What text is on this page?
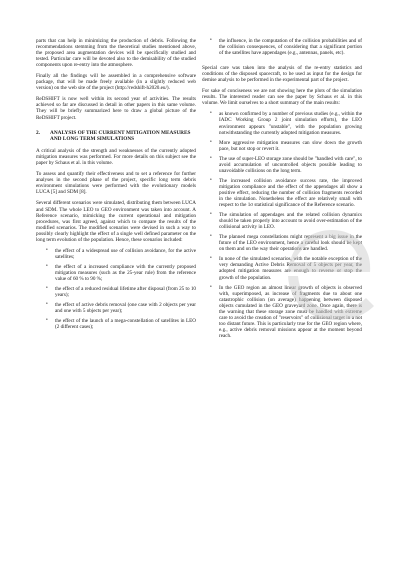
parts that can help in minimizing the production of debris. Following the recommendations stemming from the theoretical studies mentioned above, the proposed area augmentation devices will be specifically studied and tested. Particular care will be devoted also to the demisability of the studied components upon re-entry into the atmosphere.

Finally all the findings will be assembled in a comprehensive software package, that will be made freely available (in a slightly reduced web version) on the web site of the project (http://redshift-h2020.eu/).

ReDSHIFT is now well within its second year of activities. The results achieved so far are discussed in detail in other papers in this same volume. They will be briefly summarized here to draw a global picture of the ReDSHIFT project.

2.	ANALYSIS OF THE CURRENT MITIGATION MEASURES AND LONG TERM SIMULATIONS

A critical analysis of the strength and weaknesses of the currently adopted mitigation measures was performed. For more details on this subject see the paper by Schaus et al. in this volume.

To assess and quantify their effectiveness and to set a reference for further analyses in the second phase of the project, specific long term debris environment simulations were performed with the evolutionary models LUCA [5] and SDM [8].

Several different scenarios were simulated, distributing them between LUCA and SDM. The whole LEO to GEO environment was taken into account. A Reference scenario, mimicking the current operational and mitigation procedures, was first agreed, against which to compare the results of the modified scenarios. The modified scenarios were devised in such a way to possibly clearly highlight the effect of a single well defined parameter on the long term evolution of the population. Hence, these scenarios included:

• the effect of a widespread use of collision avoidance, for the active satellites;
• the effect of a increased compliance with the currently proposed mitigation measures (such as the 25-year rule) from the reference value of 60 % to 90 %;
• the effect of a reduced residual lifetime after disposal (from 25 to 10 years);
• the effect of active debris removal (one case with 2 objects per year and one with 5 objects per year);
• the effect of the launch of a mega-constellation of satellites in LEO (2 different cases);
• the influence, in the computation of the collision probabilities and of the collision consequences, of considering that a significant portion of the satellites have appendages (e.g., antennas, panels, etc).

Special care was taken into the analysis of the re-entry statistics and conditions of the disposed spacecraft, to be used as input for the design for demise analysis to be performed in the experimental part of the project.

For sake of conciseness we are not showing here the plots of the simulation results. The interested reader can see the paper by Schaus et al. in this volume. We limit ourselves to a short summary of the main results:

• as known confirmed by a number of previous studies (e.g., within the IADC Working Group 2 joint simulation efforts), the LEO environment appears "unstable", with the population growing notwithstanding the currently adopted mitigation measures.
• More aggressive mitigation measures can slow down the growth pace, but not stop or revert it.
• The use of super-LEO storage zone should be "handled with care", to avoid accumulation of uncontrolled objects possible leading to unavoidable collisions on the long term.
• The increased collision avoidance success rate, the improved mitigation compliance and the effect of the appendages all show a positive effect, reducing the number of collision fragments recorded in the simulation. Nonetheless the effect are relatively small with respect to the 1σ statistical significance of the Reference scenario.
• The simulation of appendages and the related collision dynamics should be taken properly into account to avoid over-estimation of the collisional activity in LEO.
• The planned mega constellations might represent a big issue in the future of the LEO environment, hence a careful look should be kept on them and on the way their operations are handled.
• In none of the simulated scenarios, with the notable exception of the very demanding Active Debris Removal of 5 objects per year, the adopted mitigation measures are enough to reverse or stop the growth of the population.
• In the GEO region an almost linear growth of objects is observed with, superimposed, as increase of fragments due to about one catastrophic collision (on average) happening between disposed objects cumulated in the GEO graveyard zone. Once again, there is the warning that these storage zone must be handled with extreme care to avoid the creation of "reservoirs" of collisional target in a not too distant future. This is particularly true for the GEO region where, e.g., active debris removal missions appear at the moment beyond reach.
